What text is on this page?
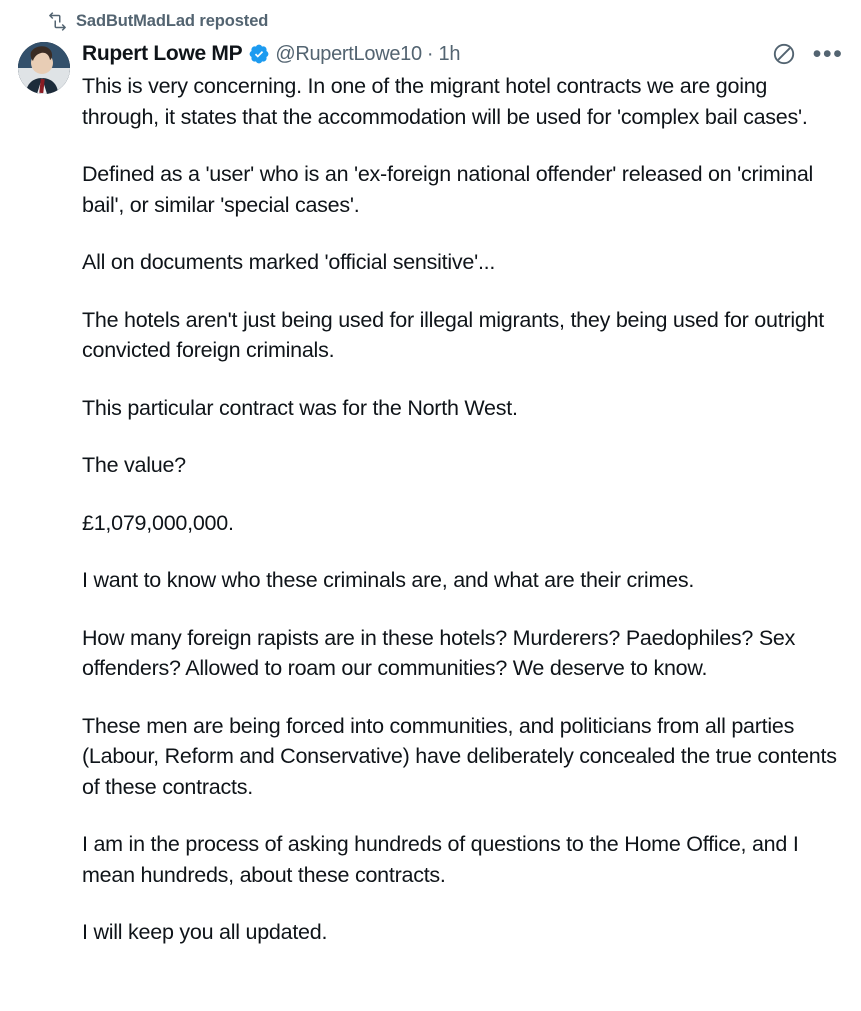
SadButMadLad reposted
Rupert Lowe MP @RupertLowe10 · 1h	•••

This is very concerning. In one of the migrant hotel contracts we are going through, it states that the accommodation will be used for 'complex bail cases'.

Defined as a 'user' who is an 'ex-foreign national offender' released on 'criminal bail', or similar 'special cases'.

All on documents marked 'official sensitive'...

The hotels aren't just being used for illegal migrants, they being used for outright convicted foreign criminals.

This particular contract was for the North West.

The value?

£1,079,000,000.

I want to know who these criminals are, and what are their crimes.

How many foreign rapists are in these hotels? Murderers? Paedophiles? Sex offenders? Allowed to roam our communities? We deserve to know.

These men are being forced into communities, and politicians from all parties (Labour, Reform and Conservative) have deliberately concealed the true contents of these contracts.

I am in the process of asking hundreds of questions to the Home Office, and I mean hundreds, about these contracts.

I will keep you all updated.
